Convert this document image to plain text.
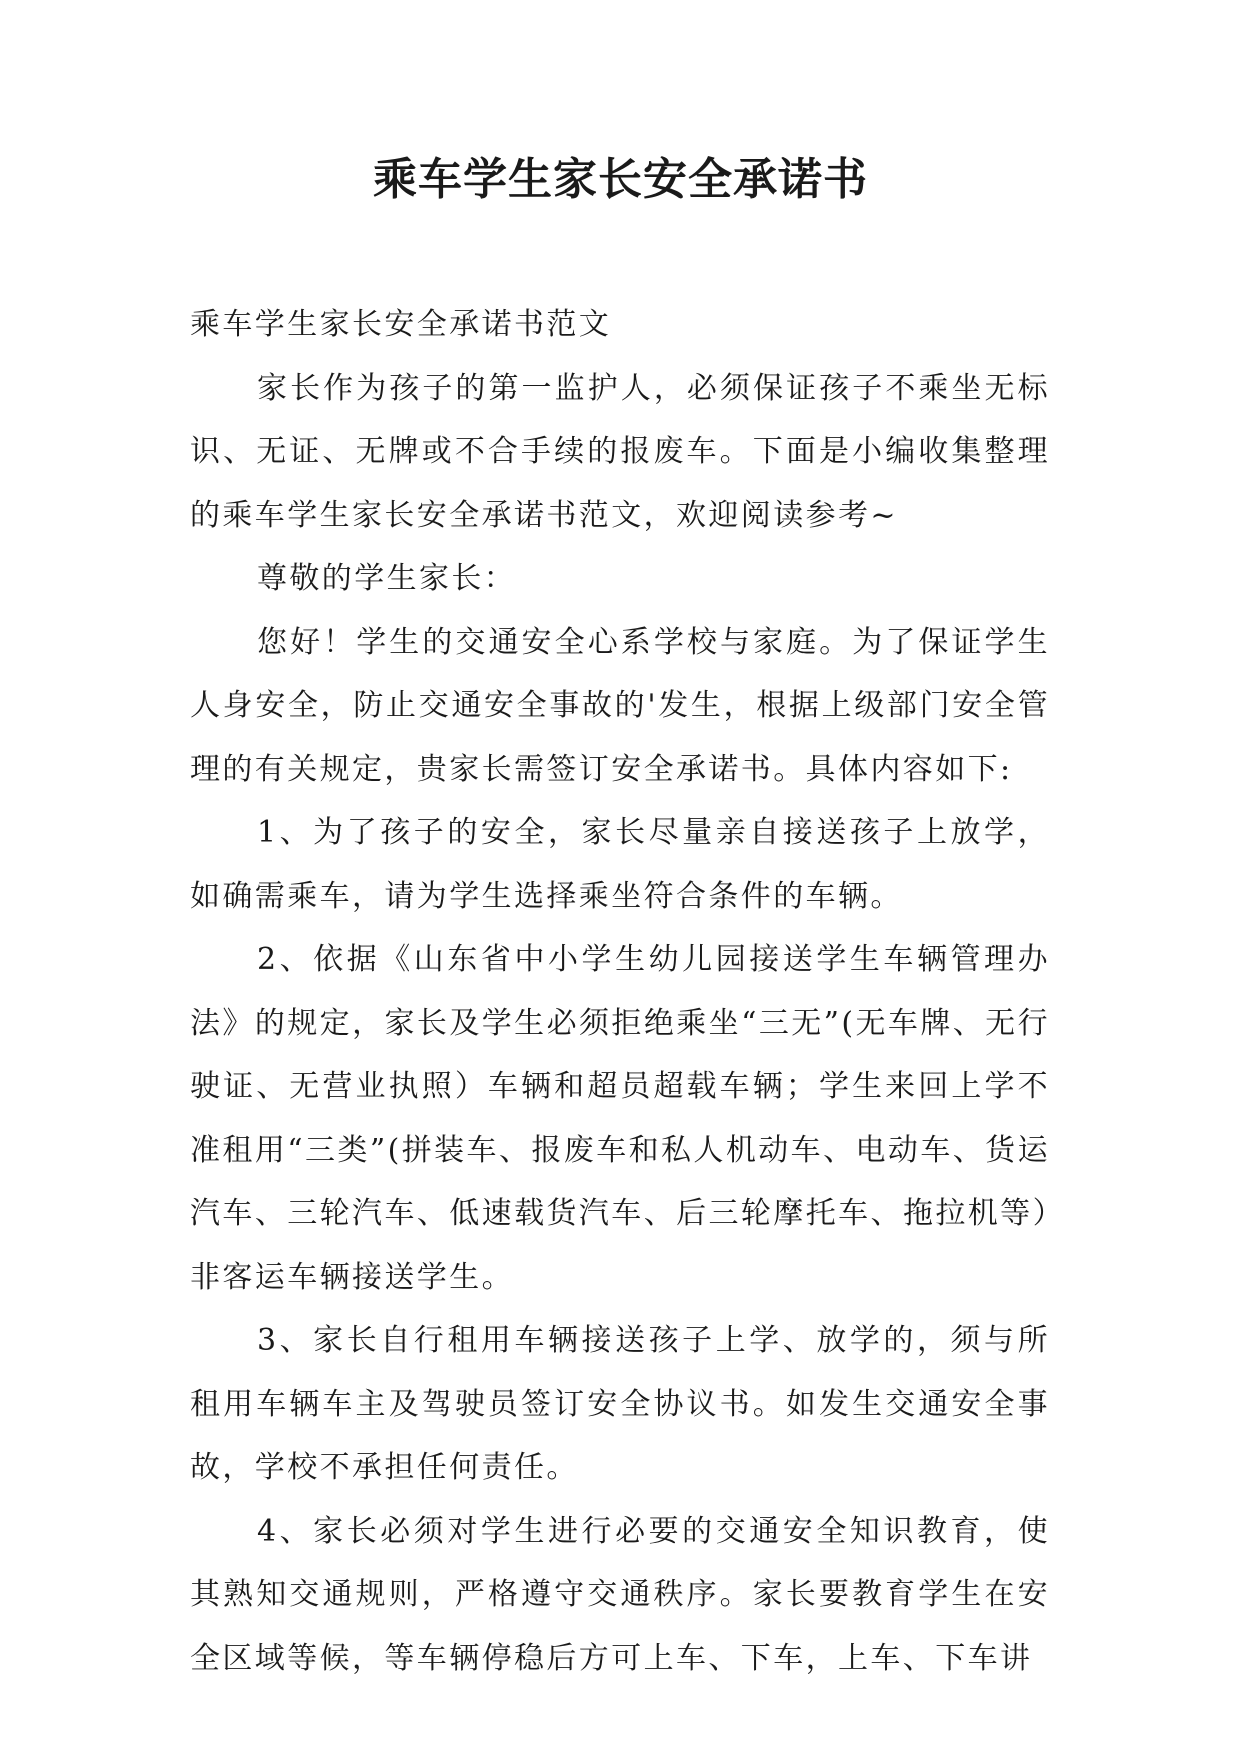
乘车学生家长安全承诺书

乘车学生家长安全承诺书范文

家长作为孩子的第一监护人，必须保证孩子不乘坐无标识、无证、无牌或不合手续的报废车。下面是小编收集整理的乘车学生家长安全承诺书范文，欢迎阅读参考~

尊敬的学生家长：

您好！学生的交通安全心系学校与家庭。为了保证学生人身安全，防止交通安全事故的'发生，根据上级部门安全管理的有关规定，贵家长需签订安全承诺书。具体内容如下:

1、为了孩子的安全，家长尽量亲自接送孩子上放学，如确需乘车，请为学生选择乘坐符合条件的车辆。

2、依据《山东省中小学生幼儿园接送学生车辆管理办法》的规定，家长及学生必须拒绝乘坐“三无”(无车牌、无行驶证、无营业执照）车辆和超员超载车辆；学生来回上学不准租用“三类”(拼装车、报废车和私人机动车、电动车、货运汽车、三轮汽车、低速载货汽车、后三轮摩托车、拖拉机等）非客运车辆接送学生。

3、家长自行租用车辆接送孩子上学、放学的，须与所租用车辆车主及驾驶员签订安全协议书。如发生交通安全事故，学校不承担任何责任。

4、家长必须对学生进行必要的交通安全知识教育，使其熟知交通规则，严格遵守交通秩序。家长要教育学生在安全区域等候，等车辆停稳后方可上车、下车，上车、下车讲
